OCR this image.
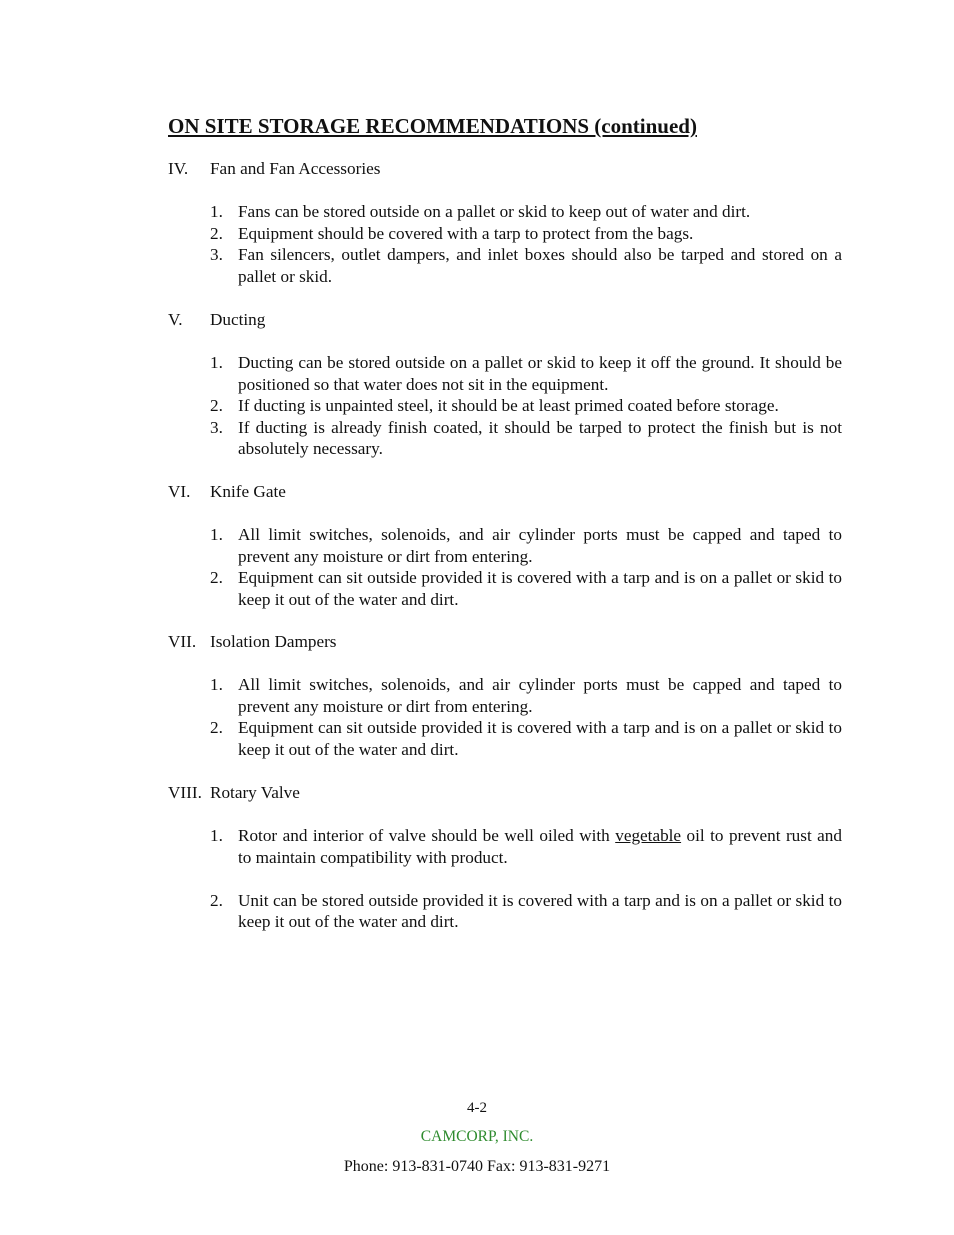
ON SITE STORAGE RECOMMENDATIONS (continued)
IV. Fan and Fan Accessories
1. Fans can be stored outside on a pallet or skid to keep out of water and dirt.
2. Equipment should be covered with a tarp to protect from the bags.
3. Fan silencers, outlet dampers, and inlet boxes should also be tarped and stored on a pallet or skid.
V. Ducting
1. Ducting can be stored outside on a pallet or skid to keep it off the ground. It should be positioned so that water does not sit in the equipment.
2. If ducting is unpainted steel, it should be at least primed coated before storage.
3. If ducting is already finish coated, it should be tarped to protect the finish but is not absolutely necessary.
VI. Knife Gate
1. All limit switches, solenoids, and air cylinder ports must be capped and taped to prevent any moisture or dirt from entering.
2. Equipment can sit outside provided it is covered with a tarp and is on a pallet or skid to keep it out of the water and dirt.
VII. Isolation Dampers
1. All limit switches, solenoids, and air cylinder ports must be capped and taped to prevent any moisture or dirt from entering.
2. Equipment can sit outside provided it is covered with a tarp and is on a pallet or skid to keep it out of the water and dirt.
VIII. Rotary Valve
1. Rotor and interior of valve should be well oiled with vegetable oil to prevent rust and to maintain compatibility with product.
2. Unit can be stored outside provided it is covered with a tarp and is on a pallet or skid to keep it out of the water and dirt.
4-2
CAMCORP, INC.
Phone: 913-831-0740 Fax: 913-831-9271
